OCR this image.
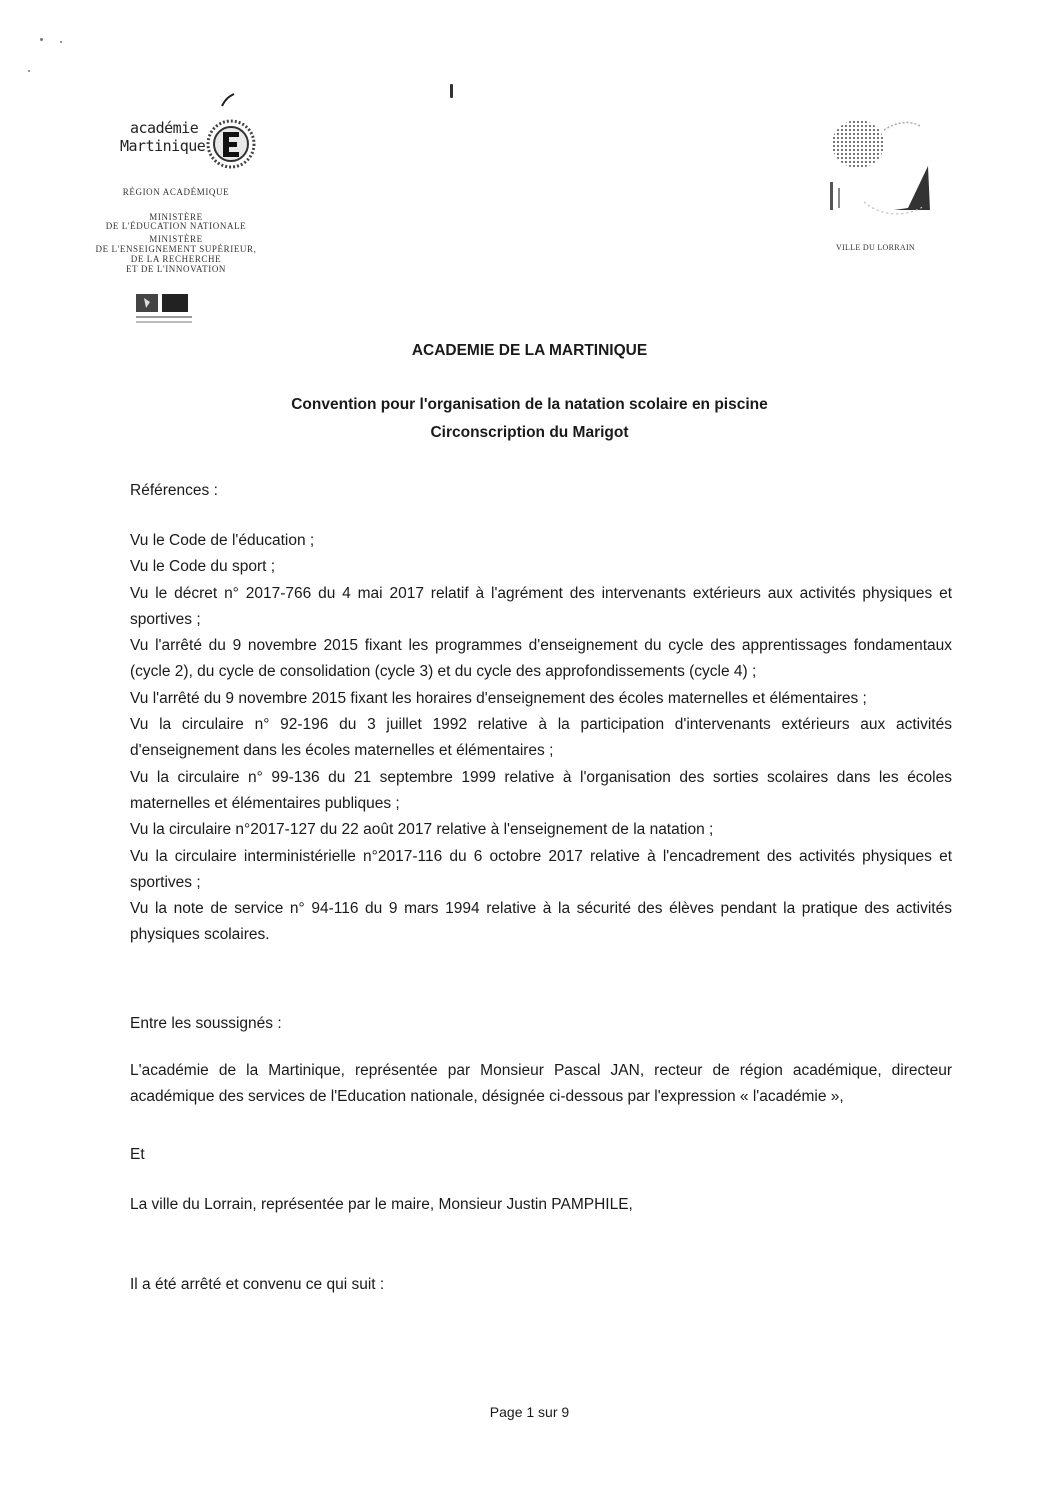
académie
Martinique
RÉGION ACADÉMIQUE
MINISTÈRE
DE L'ÉDUCATION NATIONALE
MINISTÈRE
DE L'ENSEIGNEMENT SUPÉRIEUR,
DE LA RECHERCHE
ET DE L'INNOVATION
VILLE DU LORRAIN
ACADEMIE DE LA MARTINIQUE
Convention pour l'organisation de la natation scolaire en piscine
Circonscription du Marigot
Références :

Vu le Code de l'éducation ;

Vu le Code du sport ;

Vu le décret n° 2017-766 du 4 mai 2017 relatif à l'agrément des intervenants extérieurs aux activités physiques et sportives ;

Vu l'arrêté du 9 novembre 2015 fixant les programmes d'enseignement du cycle des apprentissages fondamentaux (cycle 2), du cycle de consolidation (cycle 3) et du cycle des approfondissements (cycle 4) ;

Vu l'arrêté du 9 novembre 2015 fixant les horaires d'enseignement des écoles maternelles et élémentaires ;

Vu la circulaire n° 92-196 du 3 juillet 1992 relative à la participation d'intervenants extérieurs aux activités d'enseignement dans les écoles maternelles et élémentaires ;

Vu la circulaire n° 99-136 du 21 septembre 1999 relative à l'organisation des sorties scolaires dans les écoles maternelles et élémentaires publiques ;

Vu la circulaire n°2017-127 du 22 août 2017 relative à l'enseignement de la natation ;

Vu la circulaire interministérielle n°2017-116 du 6 octobre 2017 relative à l'encadrement des activités physiques et sportives ;

Vu la note de service n° 94-116 du 9 mars 1994 relative à la sécurité des élèves pendant la pratique des activités physiques scolaires.

Entre les soussignés :
L'académie de la Martinique, représentée par Monsieur Pascal JAN, recteur de région académique, directeur académique des services de l'Education nationale, désignée ci-dessous par l'expression « l'académie »,
Et
La ville du Lorrain, représentée par le maire, Monsieur Justin PAMPHILE,
Il a été arrêté et convenu ce qui suit :
Page 1 sur 9
